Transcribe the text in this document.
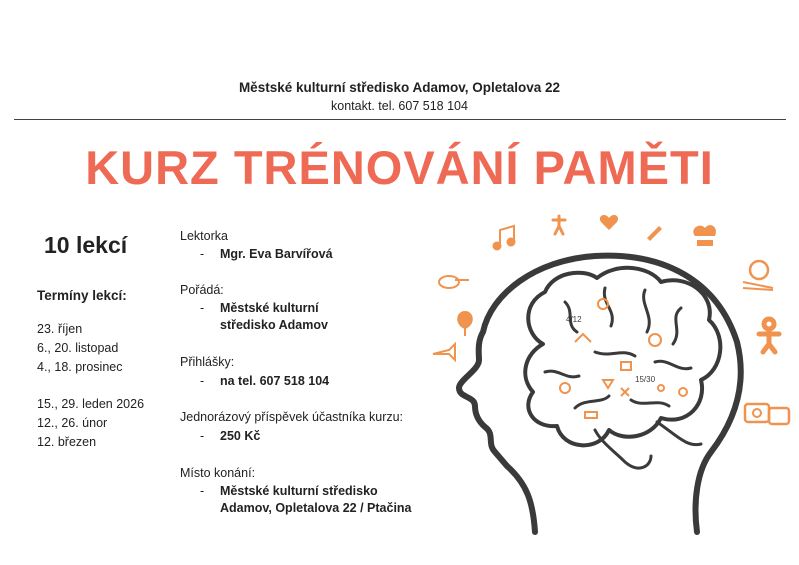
Městské kulturní středisko Adamov, Opletalova 22
kontakt. tel. 607 518 104
KURZ TRÉNOVÁNÍ PAMĚTI
10 lekcí
Termíny lekcí:
23. říjen
6., 20. listopad
4., 18. prosinec
15., 29. leden 2026
12., 26. únor
12. březen
Lektorka
- Mgr. Eva Barvířová
Pořádá:
- Městské kulturní středisko Adamov
Přihlášky:
- na tel. 607 518 104
Jednorázový příspěvek účastníka kurzu:
- 250 Kč
Místo konání:
- Městské kulturní středisko
Adamov, Opletalova 22 / Ptačina
4/12
15/30
